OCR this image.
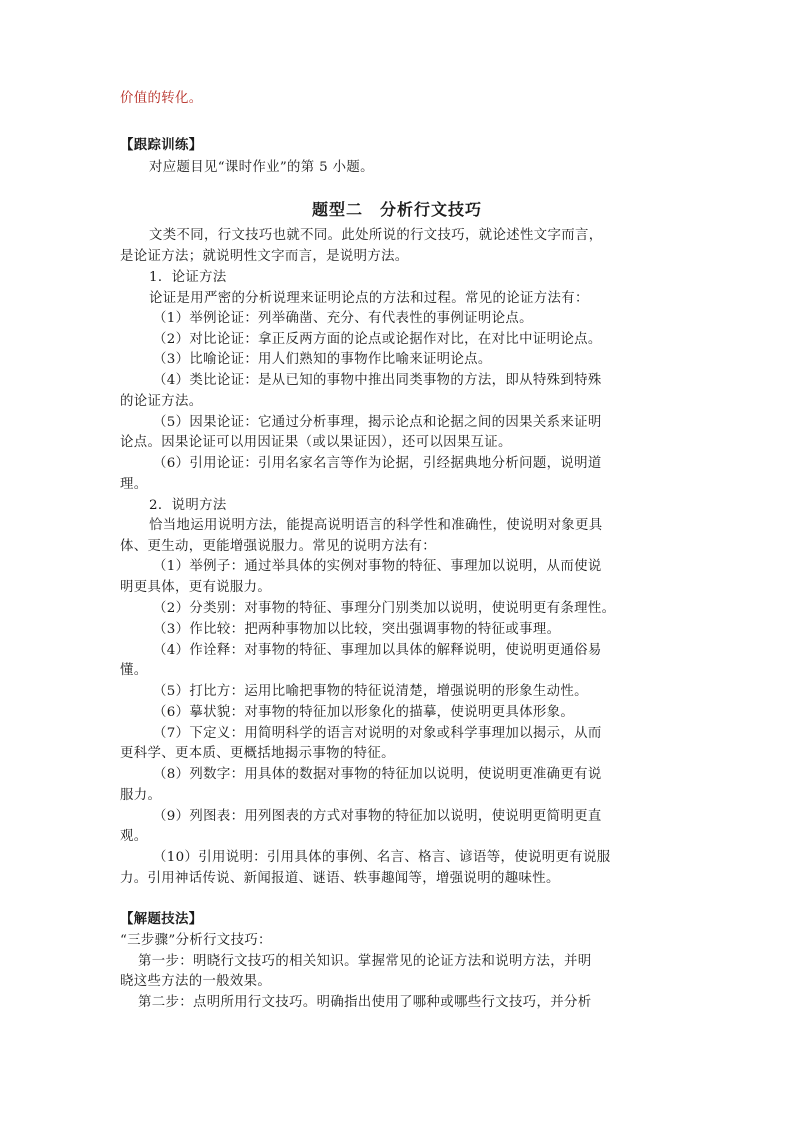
价值的转化。
【跟踪训练】
对应题目见“课时作业”的第 5 小题。
题型二　分析行文技巧
文类不同，行文技巧也就不同。此处所说的行文技巧，就论述性文字而言，
是论证方法；就说明性文字而言，是说明方法。
1．论证方法
论证是用严密的分析说理来证明论点的方法和过程。常见的论证方法有：
（1）举例论证：列举确凿、充分、有代表性的事例证明论点。
（2）对比论证：拿正反两方面的论点或论据作对比，在对比中证明论点。
（3）比喻论证：用人们熟知的事物作比喻来证明论点。
（4）类比论证：是从已知的事物中推出同类事物的方法，即从特殊到特殊
的论证方法。
（5）因果论证：它通过分析事理，揭示论点和论据之间的因果关系来证明
论点。因果论证可以用因证果（或以果证因），还可以因果互证。
（6）引用论证：引用名家名言等作为论据，引经据典地分析问题，说明道
理。
2．说明方法
恰当地运用说明方法，能提高说明语言的科学性和准确性，使说明对象更具
体、更生动，更能增强说服力。常见的说明方法有：
（1）举例子：通过举具体的实例对事物的特征、事理加以说明，从而使说
明更具体，更有说服力。
（2）分类别：对事物的特征、事理分门别类加以说明，使说明更有条理性。
（3）作比较：把两种事物加以比较，突出强调事物的特征或事理。
（4）作诠释：对事物的特征、事理加以具体的解释说明，使说明更通俗易
懂。
（5）打比方：运用比喻把事物的特征说清楚，增强说明的形象生动性。
（6）摹状貌：对事物的特征加以形象化的描摹，使说明更具体形象。
（7）下定义：用简明科学的语言对说明的对象或科学事理加以揭示，从而
更科学、更本质、更概括地揭示事物的特征。
（8）列数字：用具体的数据对事物的特征加以说明，使说明更准确更有说
服力。
（9）列图表：用列图表的方式对事物的特征加以说明，使说明更简明更直
观。
（10）引用说明：引用具体的事例、名言、格言、谚语等，使说明更有说服
力。引用神话传说、新闻报道、谜语、轶事趣闻等，增强说明的趣味性。
【解题技法】
“三步骤”分析行文技巧：
第一步：明晓行文技巧的相关知识。掌握常见的论证方法和说明方法，并明
晓这些方法的一般效果。
第二步：点明所用行文技巧。明确指出使用了哪种或哪些行文技巧，并分析
